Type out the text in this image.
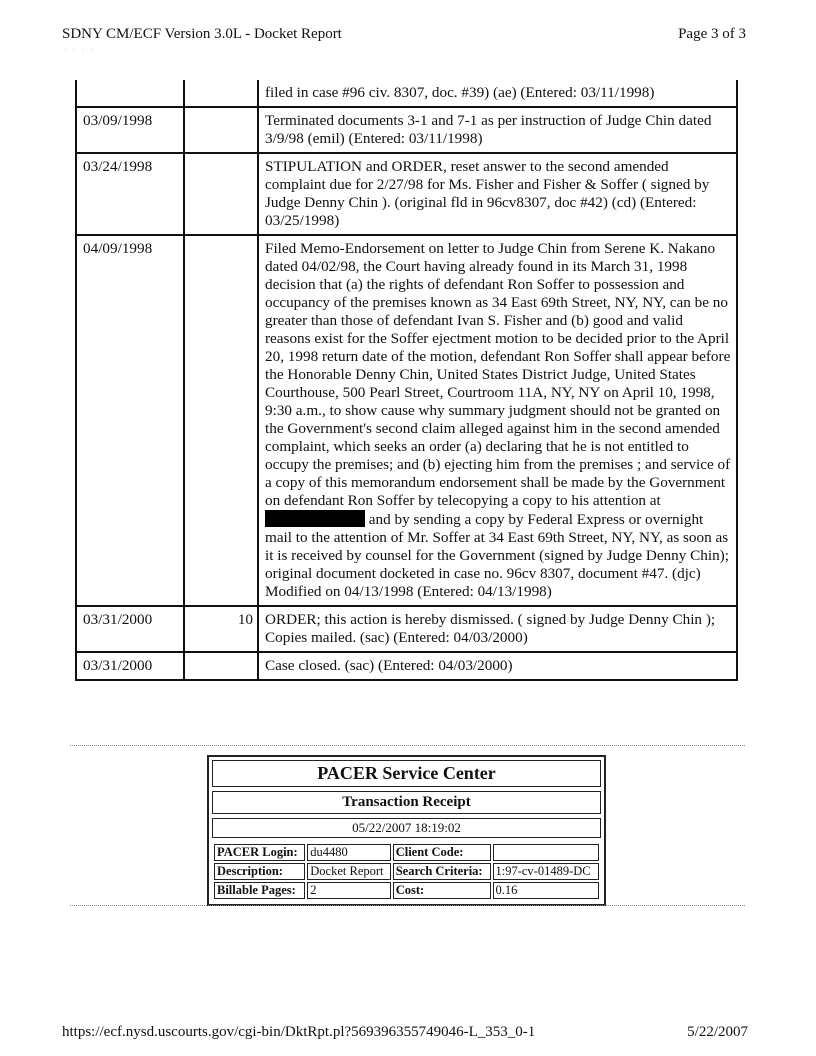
SDNY CM/ECF Version 3.0L - Docket Report	Page 3 of 3
· · · ·
		filed in case #96 civ. 8307, doc. #39) (ae) (Entered: 03/11/1998)
03/09/1998		Terminated documents 3-1 and 7-1 as per instruction of Judge Chin dated 3/9/98 (emil) (Entered: 03/11/1998)
03/24/1998		STIPULATION and ORDER, reset answer to the second amended complaint due for 2/27/98 for Ms. Fisher and Fisher & Soffer ( signed by Judge Denny Chin ). (original fld in 96cv8307, doc #42) (cd) (Entered: 03/25/1998)
04/09/1998		Filed Memo-Endorsement on letter to Judge Chin from Serene K. Nakano dated 04/02/98, the Court having already found in its March 31, 1998 decision that (a) the rights of defendant Ron Soffer to possession and occupancy of the premises known as 34 East 69th Street, NY, NY, can be no greater than those of defendant Ivan S. Fisher and (b) good and valid reasons exist for the Soffer ejectment motion to be decided prior to the April 20, 1998 return date of the motion, defendant Ron Soffer shall appear before the Honorable Denny Chin, United States District Judge, United States Courthouse, 500 Pearl Street, Courtroom 11A, NY, NY on April 10, 1998, 9:30 a.m., to show cause why summary judgment should not be granted on the Government's second claim alleged against him in the second amended complaint, which seeks an order (a) declaring that he is not entitled to occupy the premises; and (b) ejecting him from the premises ; and service of a copy of this memorandum endorsement shall be made by the Government on defendant Ron Soffer by telecopying a copy to his attention at  and by sending a copy by Federal Express or overnight mail to the attention of Mr. Soffer at 34 East 69th Street, NY, NY, as soon as it is received by counsel for the Government (signed by Judge Denny Chin); original document docketed in case no. 96cv 8307, document #47. (djc) Modified on 04/13/1998 (Entered: 04/13/1998)
03/31/2000	10	ORDER; this action is hereby dismissed. ( signed by Judge Denny Chin ); Copies mailed. (sac) (Entered: 04/03/2000)
03/31/2000		Case closed. (sac) (Entered: 04/03/2000)
PACER Service Center
Transaction Receipt
05/22/2007 18:19:02
PACER Login:	du4480	Client Code:	
Description:	Docket Report	Search Criteria:	1:97-cv-01489-DC
Billable Pages:	2	Cost:	0.16
https://ecf.nysd.uscourts.gov/cgi-bin/DktRpt.pl?569396355749046-L_353_0-1	5/22/2007
